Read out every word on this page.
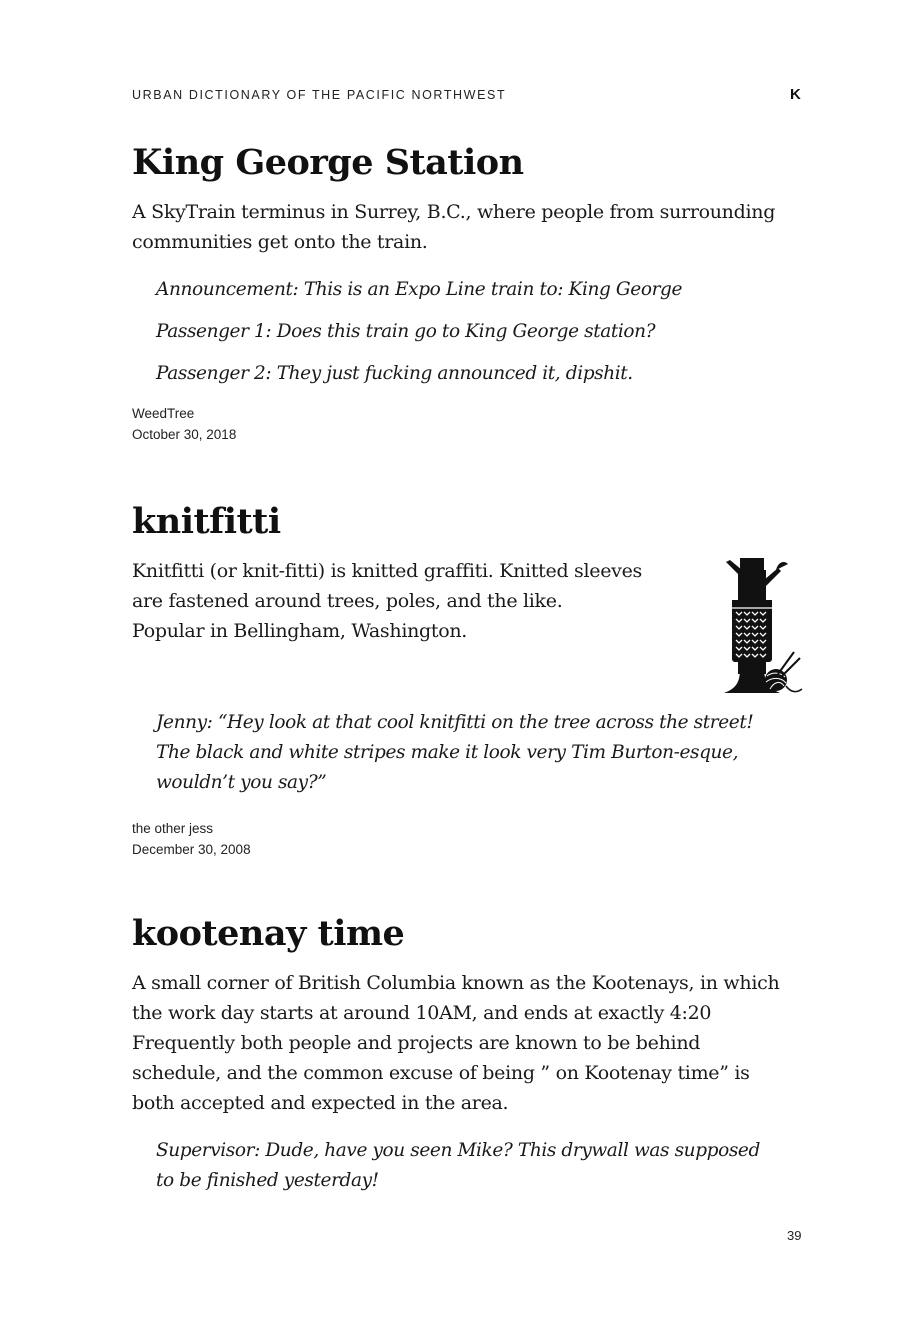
URBAN DICTIONARY OF THE PACIFIC NORTHWEST	K
King George Station

A SkyTrain terminus in Surrey, B.C., where people from surrounding
communities get onto the train.

Announcement: This is an Expo Line train to: King George

Passenger 1: Does this train go to King George station?

Passenger 2: They just fucking announced it, dipshit.

WeedTree
October 30, 2018
knitfitti

Knitfitti (or knit-fitti) is knitted graffiti. Knitted sleeves
are fastened around trees, poles, and the like.
Popular in Bellingham, Washington.

Jenny: “Hey look at that cool knitfitti on the tree across the street!
The black and white stripes make it look very Tim Burton-esque,
wouldn’t you say?”

the other jess
December 30, 2008
kootenay time

A small corner of British Columbia known as the Kootenays, in which
the work day starts at around 10AM, and ends at exactly 4:20
Frequently both people and projects are known to be behind
schedule, and the common excuse of being ” on Kootenay time” is
both accepted and expected in the area.

Supervisor: Dude, have you seen Mike? This drywall was supposed
to be finished yesterday!

39
